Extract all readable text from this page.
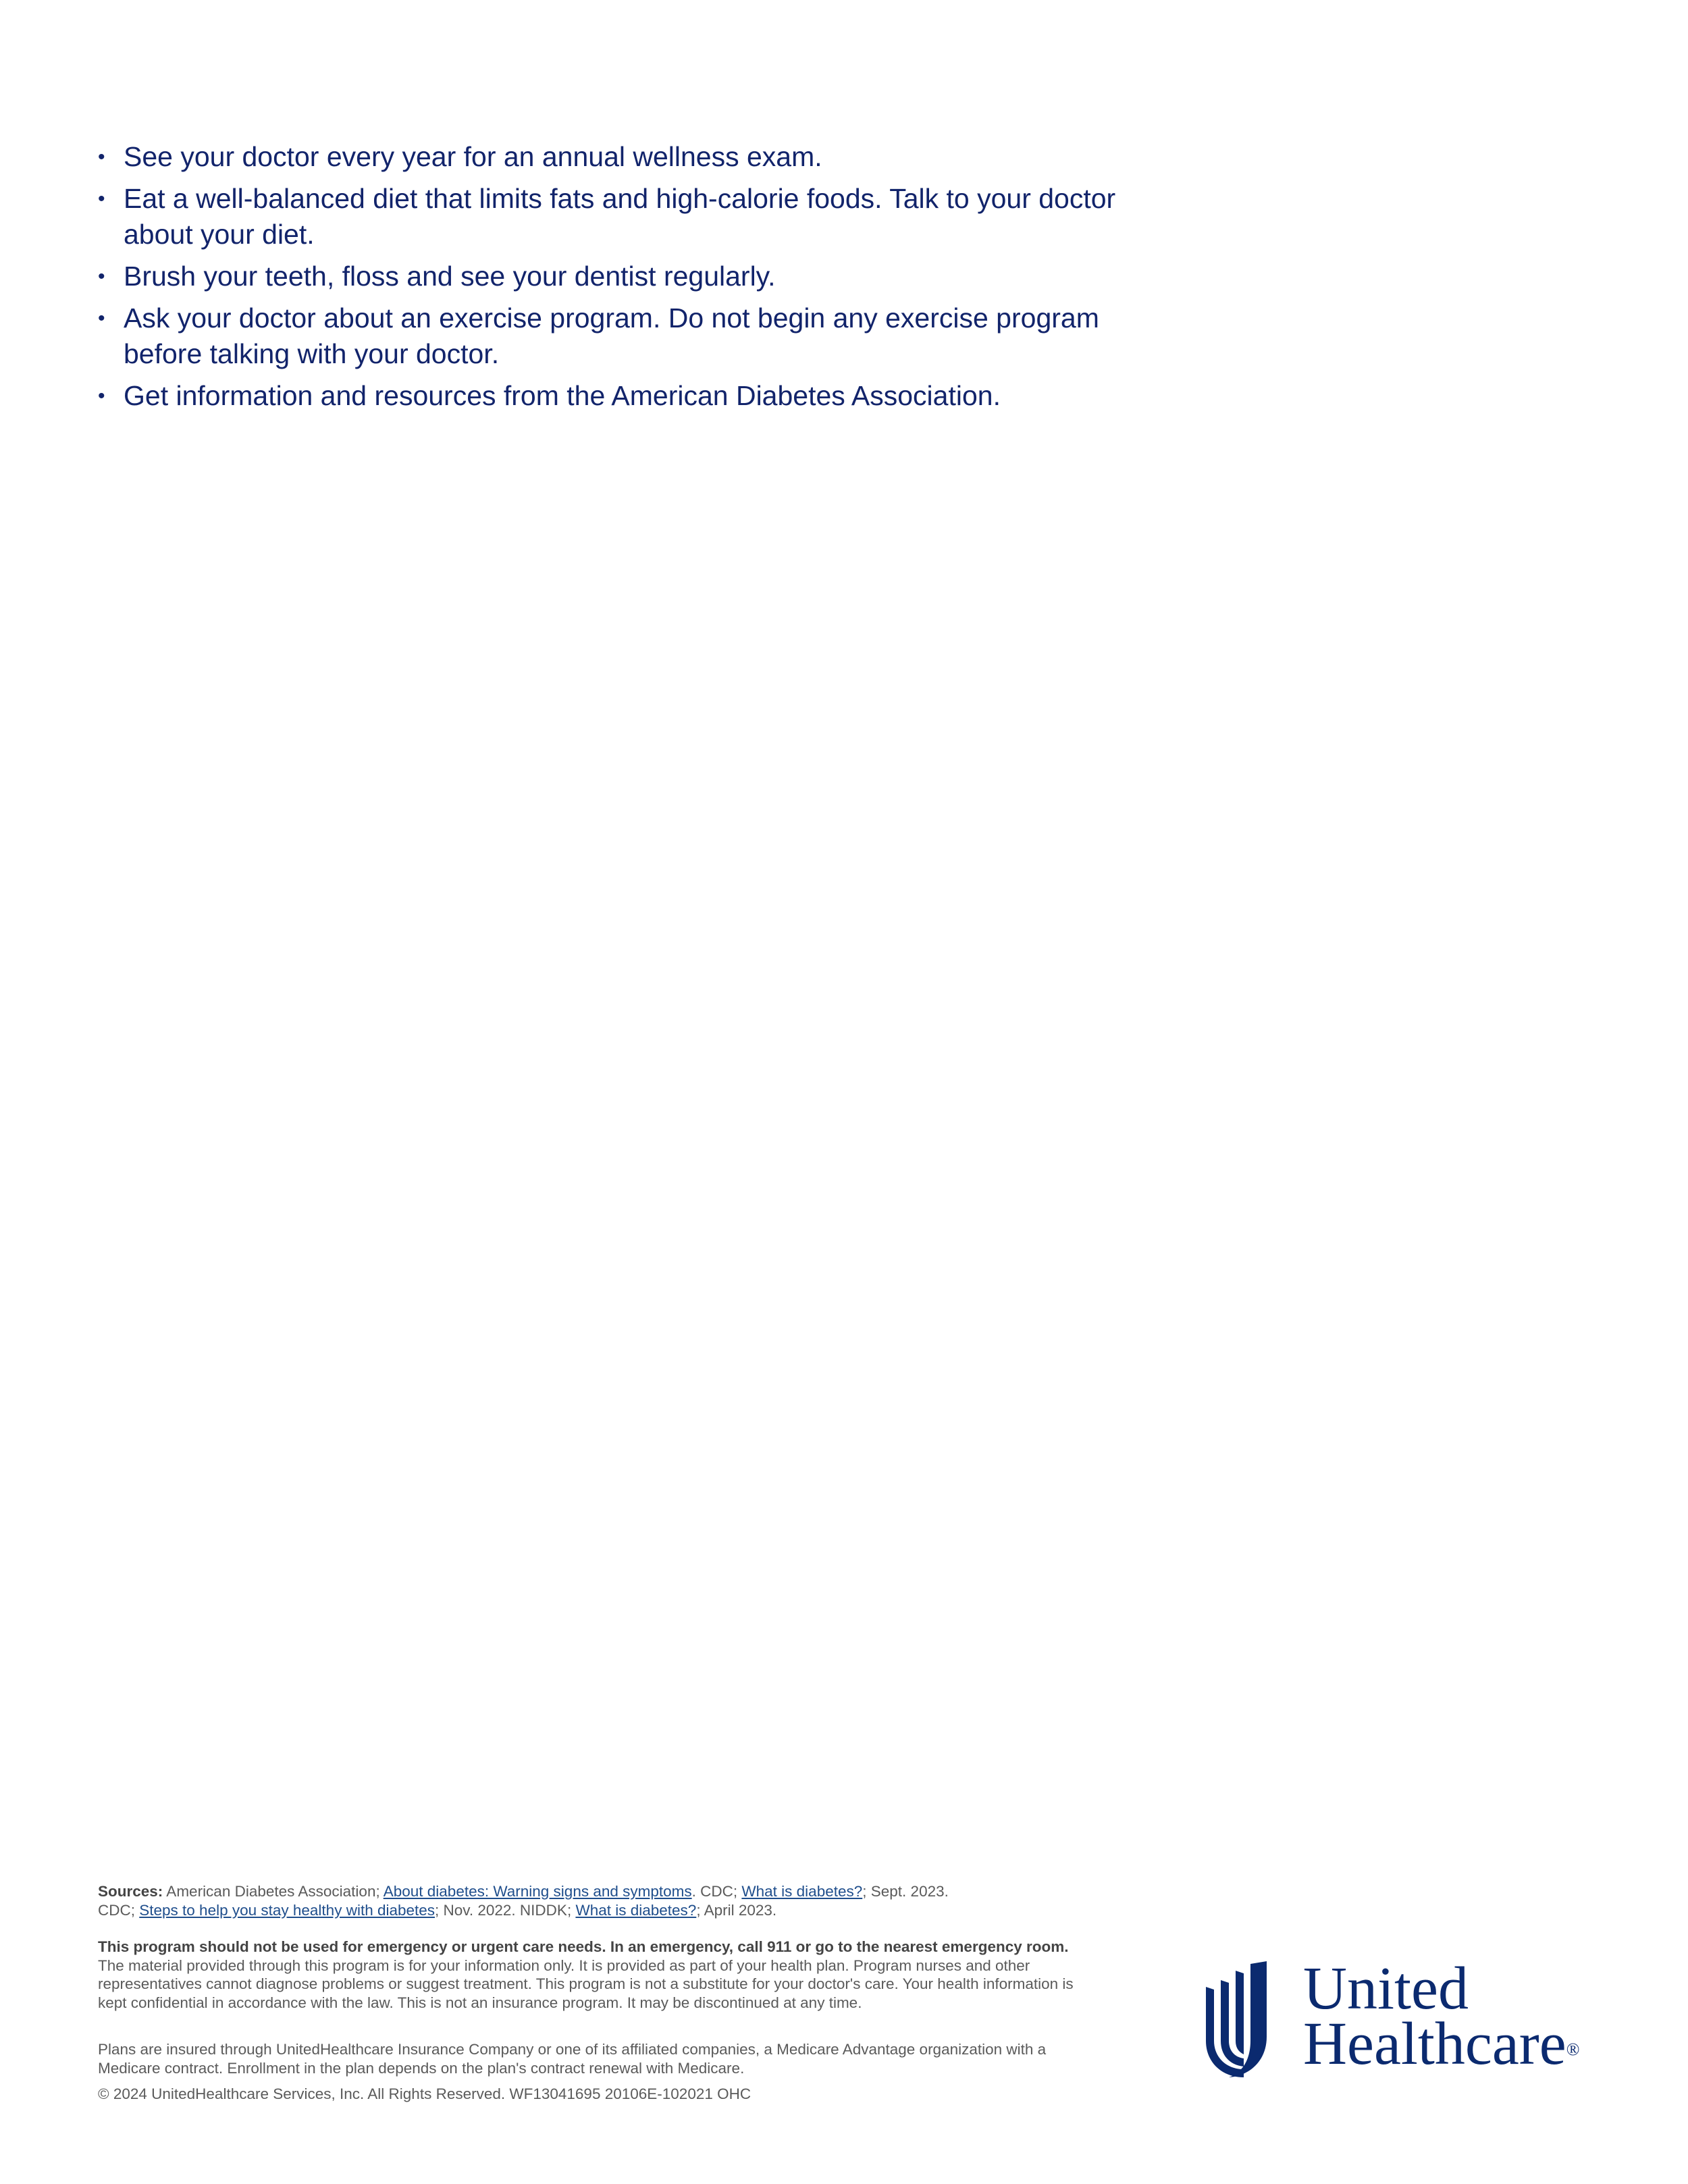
• See your doctor every year for an annual wellness exam.
• Eat a well-balanced diet that limits fats and high-calorie foods. Talk to your doctor about your diet.
• Brush your teeth, floss and see your dentist regularly.
• Ask your doctor about an exercise program. Do not begin any exercise program before talking with your doctor.
• Get information and resources from the American Diabetes Association.
Sources: American Diabetes Association; About diabetes: Warning signs and symptoms. CDC; What is diabetes?; Sept. 2023.
CDC; Steps to help you stay healthy with diabetes; Nov. 2022. NIDDK; What is diabetes?; April 2023.
This program should not be used for emergency or urgent care needs. In an emergency, call 911 or go to the nearest emergency room. The material provided through this program is for your information only. It is provided as part of your health plan. Program nurses and other representatives cannot diagnose problems or suggest treatment. This program is not a substitute for your doctor's care. Your health information is kept confidential in accordance with the law. This is not an insurance program. It may be discontinued at any time.
Plans are insured through UnitedHealthcare Insurance Company or one of its affiliated companies, a Medicare Advantage organization with a Medicare contract. Enrollment in the plan depends on the plan's contract renewal with Medicare.
© 2024 UnitedHealthcare Services, Inc. All Rights Reserved. WF13041695 20106E-102021 OHC
United
Healthcare®
